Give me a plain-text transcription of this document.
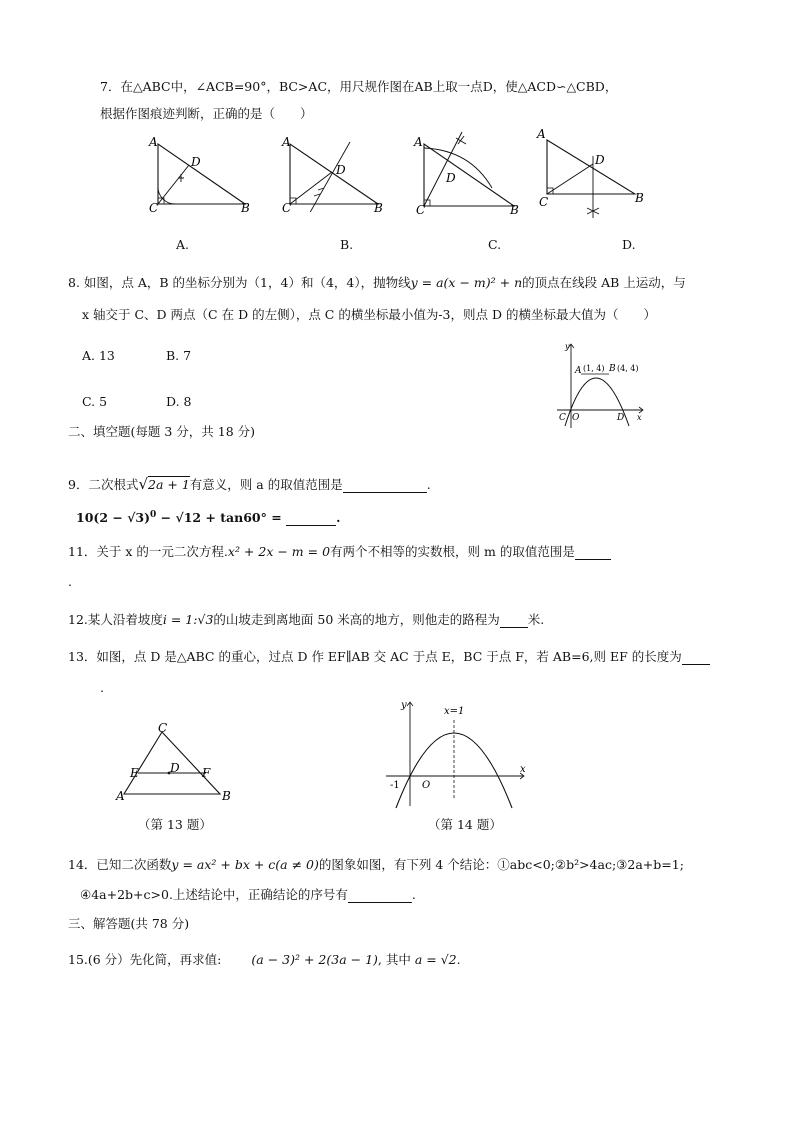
7．在△ABC中，∠ACB=90°，BC>AC，用尺规作图在AB上取一点D，使△ACD∽△CBD，
根据作图痕迹判断，正确的是（　　）
A
C	B
D
A
C	B
D
A
C	B
D
A
C	B
D
A.	B.	C.	D.
8. 如图，点 A，B 的坐标分别为（1，4）和（4，4），抛物线y = a(x − m)² + n的顶点在线段 AB 上运动，与
x 轴交于 C、D 两点（C 在 D 的左侧），点 C 的横坐标最小值为-3，则点 D 的横坐标最大值为（　　）
A. 13	B. 7
C. 5	D. 8
y
x
O
C	D
A (1, 4) B (4, 4)
二、填空题(每题 3 分，共 18 分)
9．二次根式√2a + 1有意义，则 a 的取值范围是	.
$10(2 - √3)^0 - √12 + \tan 60^\circ$ =	.
11．关于 x 的一元二次方程.x² + 2x − m = 0有两个不相等的实数根，则 m 的取值范围是
.
12.某人沿着坡度i = 1:√3的山坡走到离地面 50 米高的地方，则他走的路程为 米.
13．如图，点 D 是△ABC 的重心，过点 D 作 EF∥AB 交 AC 于点 E，BC 于点 F，若 AB=6,则 EF 的长度为
.
C
E	D F
A	B
（第 13 题）
y
x
O
-1
x=1
（第 14 题）
14．已知二次函数y = ax² + bx + c(a ≠ 0)的图象如图，有下列 4 个结论：①abc<0;②b²>4ac;③2a+b=1;
④4a+2b+c>0.上述结论中，正确结论的序号有	.
三、解答题(共 78 分)
15.(6 分）先化简，再求值: (a − 3)² + 2(3a − 1), 其中 a = √2.
